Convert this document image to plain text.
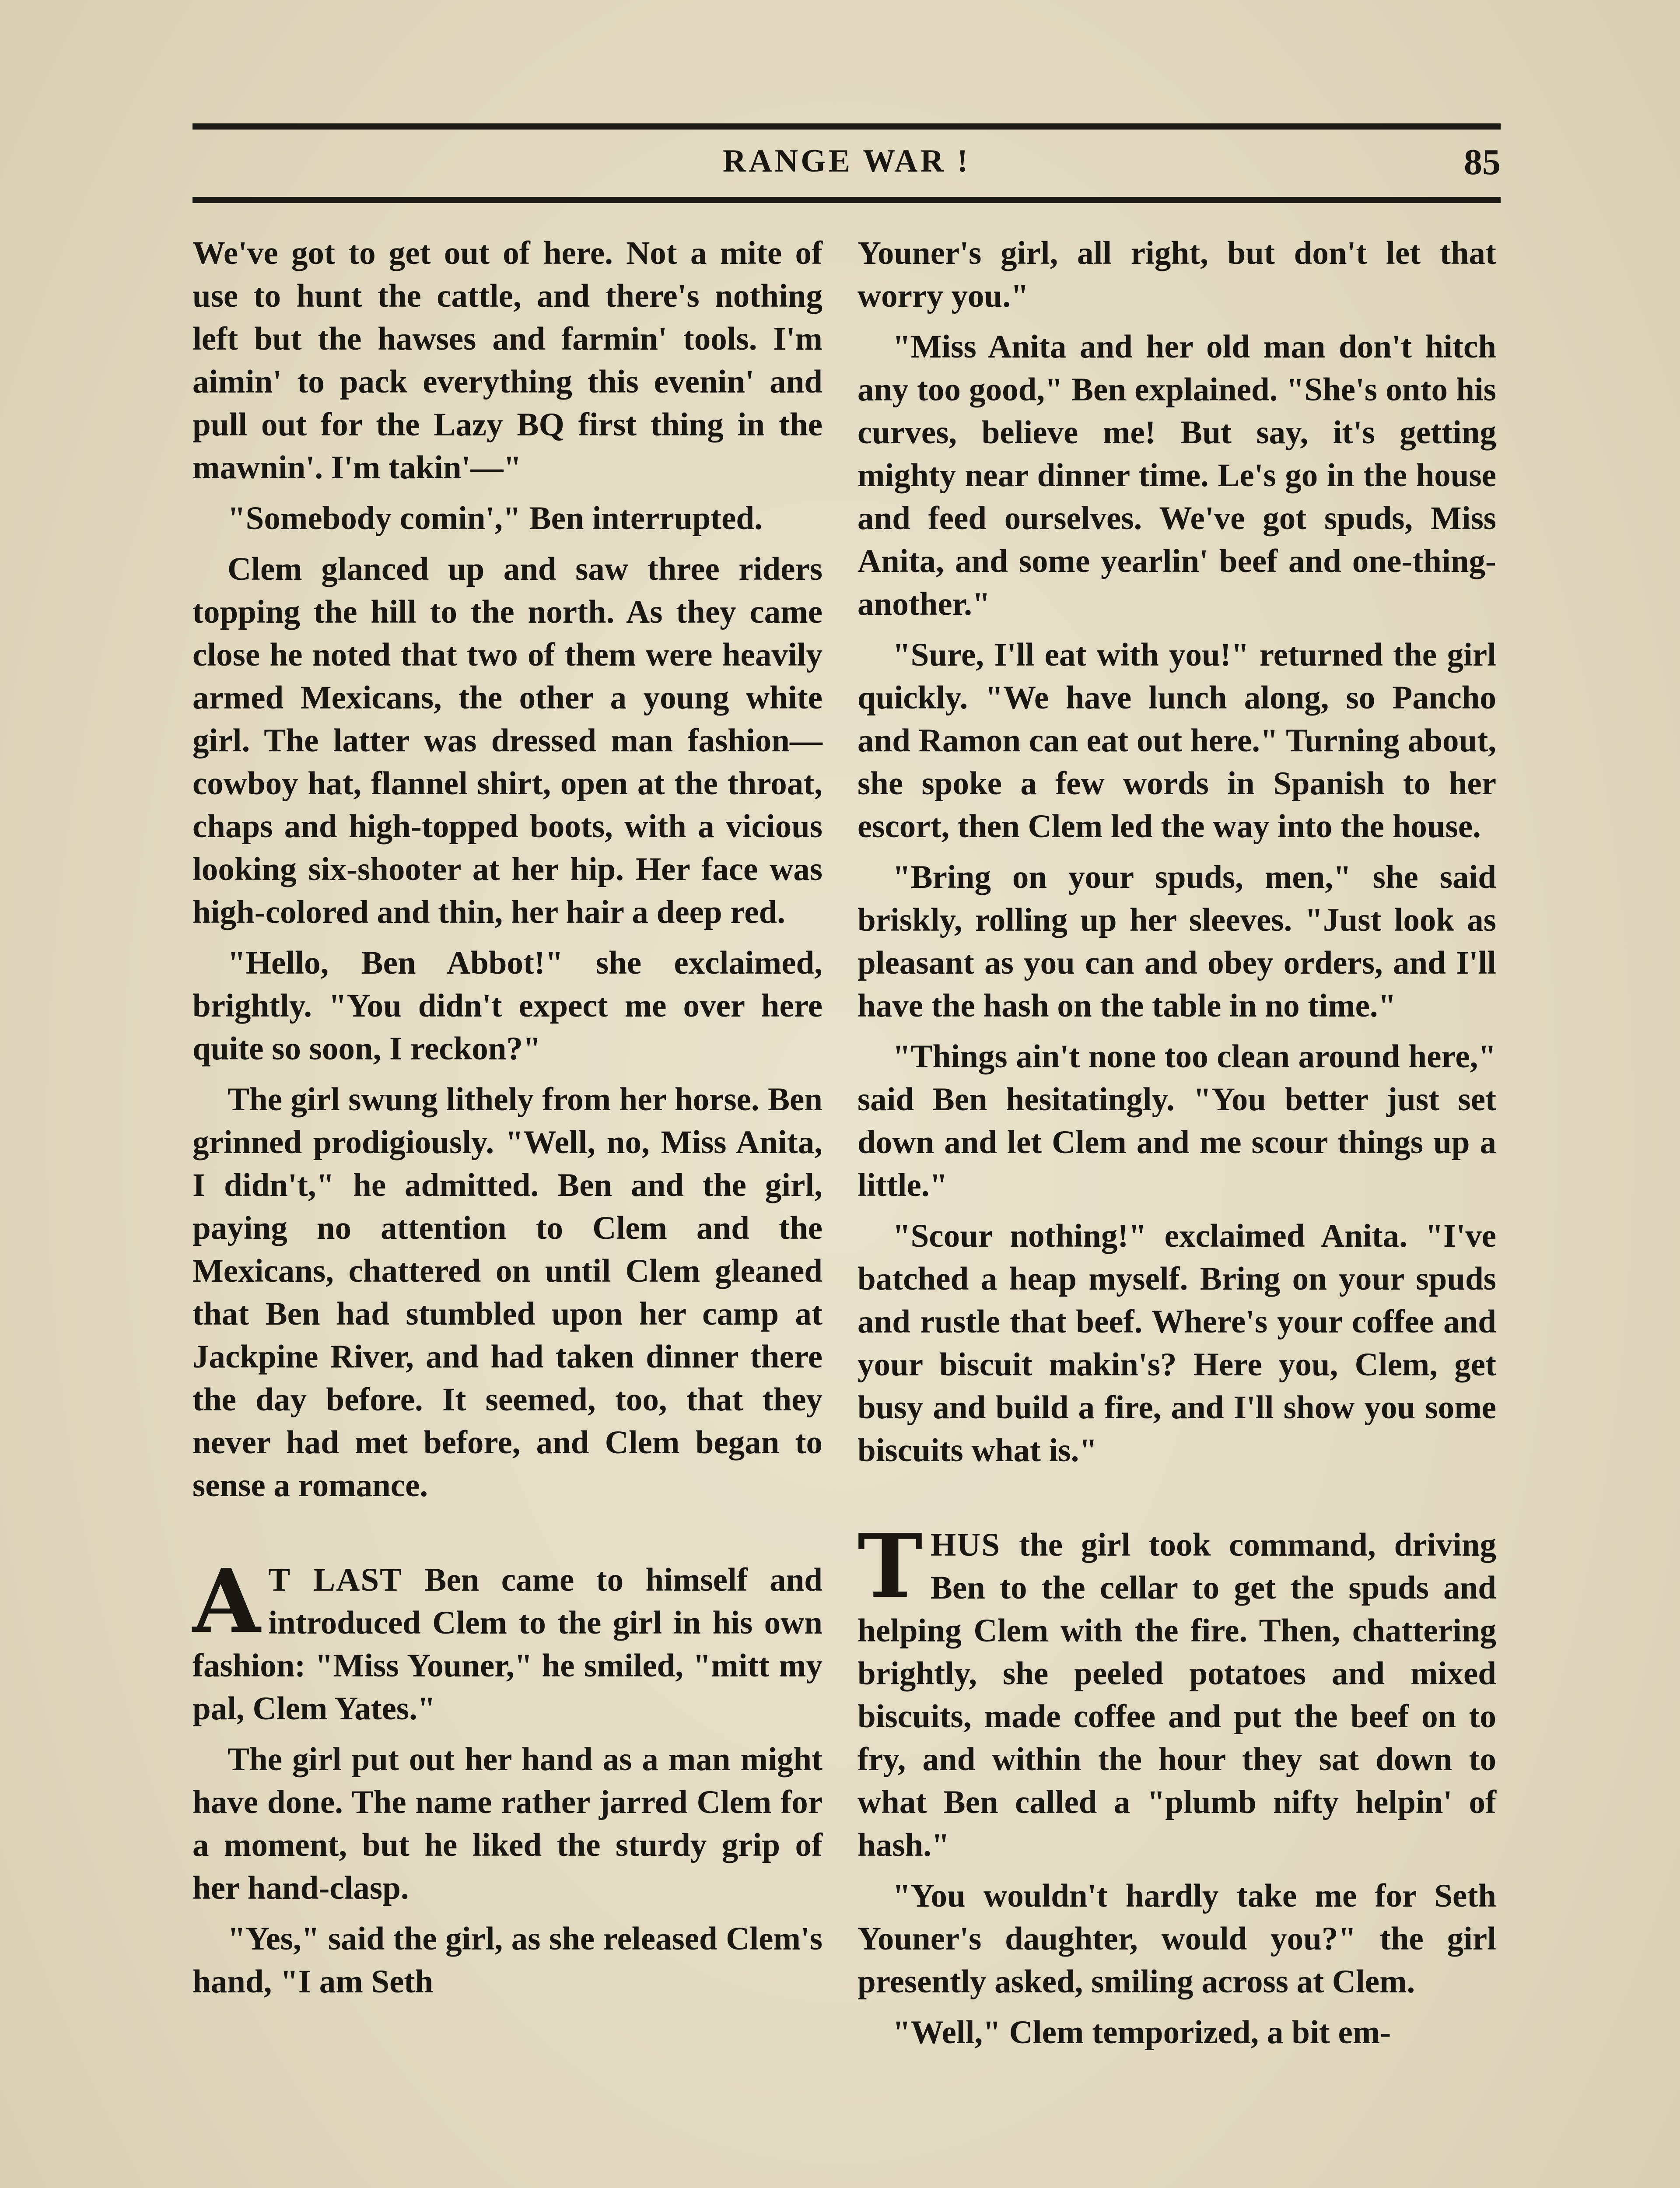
RANGE WAR !	85

We've got to get out of here. Not a mite of use to hunt the cattle, and there's nothing left but the hawses and farmin' tools. I'm aimin' to pack everything this evenin' and pull out for the Lazy BQ first thing in the mawnin'. I'm takin'—"

"Somebody comin'," Ben interrupted.

Clem glanced up and saw three riders topping the hill to the north. As they came close he noted that two of them were heavily armed Mexicans, the other a young white girl. The latter was dressed man fashion—cowboy hat, flannel shirt, open at the throat, chaps and high-topped boots, with a vicious looking six-shooter at her hip. Her face was high-colored and thin, her hair a deep red.

"Hello, Ben Abbot!" she exclaimed, brightly. "You didn't expect me over here quite so soon, I reckon?"

The girl swung lithely from her horse. Ben grinned prodigiously. "Well, no, Miss Anita, I didn't," he admitted. Ben and the girl, paying no attention to Clem and the Mexicans, chattered on until Clem gleaned that Ben had stumbled upon her camp at Jackpine River, and had taken dinner there the day before. It seemed, too, that they never had met before, and Clem began to sense a romance.

A T LAST Ben came to himself and introduced Clem to the girl in his own fashion: "Miss Youner," he smiled, "mitt my pal, Clem Yates."

The girl put out her hand as a man might have done. The name rather jarred Clem for a moment, but he liked the sturdy grip of her hand-clasp.

"Yes," said the girl, as she released Clem's hand, "I am Seth

Youner's girl, all right, but don't let that worry you."

"Miss Anita and her old man don't hitch any too good," Ben explained. "She's onto his curves, believe me! But say, it's getting mighty near dinner time. Le's go in the house and feed ourselves. We've got spuds, Miss Anita, and some yearlin' beef and one-thing-another."

"Sure, I'll eat with you!" returned the girl quickly. "We have lunch along, so Pancho and Ramon can eat out here." Turning about, she spoke a few words in Spanish to her escort, then Clem led the way into the house.

"Bring on your spuds, men," she said briskly, rolling up her sleeves. "Just look as pleasant as you can and obey orders, and I'll have the hash on the table in no time."

"Things ain't none too clean around here," said Ben hesitatingly. "You better just set down and let Clem and me scour things up a little."

"Scour nothing!" exclaimed Anita. "I've batched a heap myself. Bring on your spuds and rustle that beef. Where's your coffee and your biscuit makin's? Here you, Clem, get busy and build a fire, and I'll show you some biscuits what is."

THUS the girl took command, driving Ben to the cellar to get the spuds and helping Clem with the fire. Then, chattering brightly, she peeled potatoes and mixed biscuits, made coffee and put the beef on to fry, and within the hour they sat down to what Ben called a "plumb nifty helpin' of hash."

"You wouldn't hardly take me for Seth Youner's daughter, would you?" the girl presently asked, smiling across at Clem.

"Well," Clem temporized, a bit em-
